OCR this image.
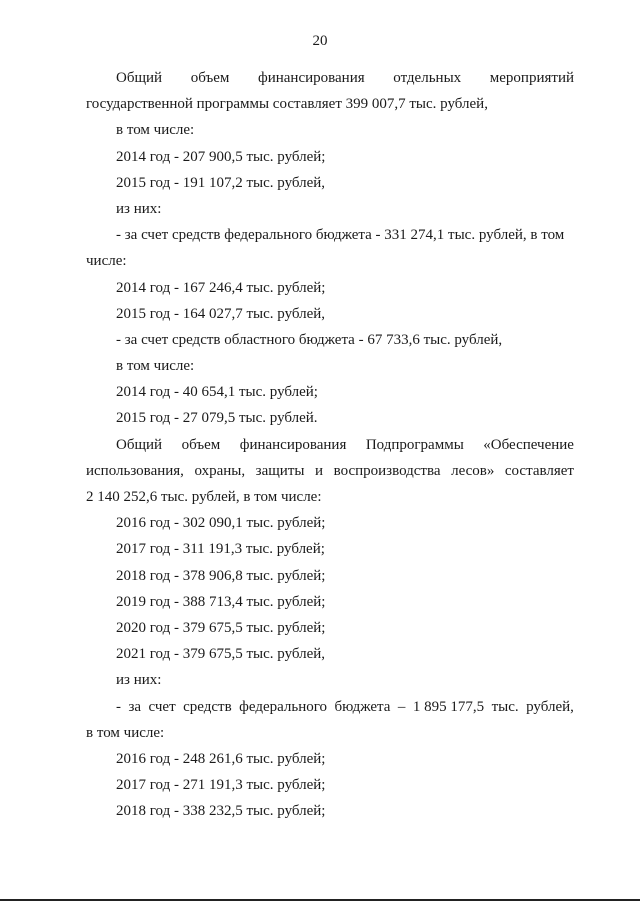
20
Общий объем финансирования отдельных мероприятий
государственной программы составляет 399 007,7 тыс. рублей,
в том числе:
2014 год - 207 900,5 тыс. рублей;
2015 год - 191 107,2 тыс. рублей,
из них:
- за счет средств федерального бюджета - 331 274,1 тыс. рублей, в том
числе:
2014 год - 167 246,4 тыс. рублей;
2015 год - 164 027,7 тыс. рублей,
- за счет средств областного бюджета - 67 733,6 тыс. рублей,
в том числе:
2014 год - 40 654,1 тыс. рублей;
2015 год - 27 079,5 тыс. рублей.
Общий объем финансирования Подпрограммы «Обеспечение
использования, охраны, защиты и воспроизводства лесов» составляет
2 140 252,6 тыс. рублей, в том числе:
2016 год - 302 090,1 тыс. рублей;
2017 год - 311 191,3 тыс. рублей;
2018 год - 378 906,8 тыс. рублей;
2019 год - 388 713,4 тыс. рублей;
2020 год - 379 675,5 тыс. рублей;
2021 год - 379 675,5 тыс. рублей,
из них:
- за счет средств федерального бюджета – 1 895 177,5 тыс. рублей,
в том числе:
2016 год - 248 261,6 тыс. рублей;
2017 год - 271 191,3 тыс. рублей;
2018 год - 338 232,5 тыс. рублей;
